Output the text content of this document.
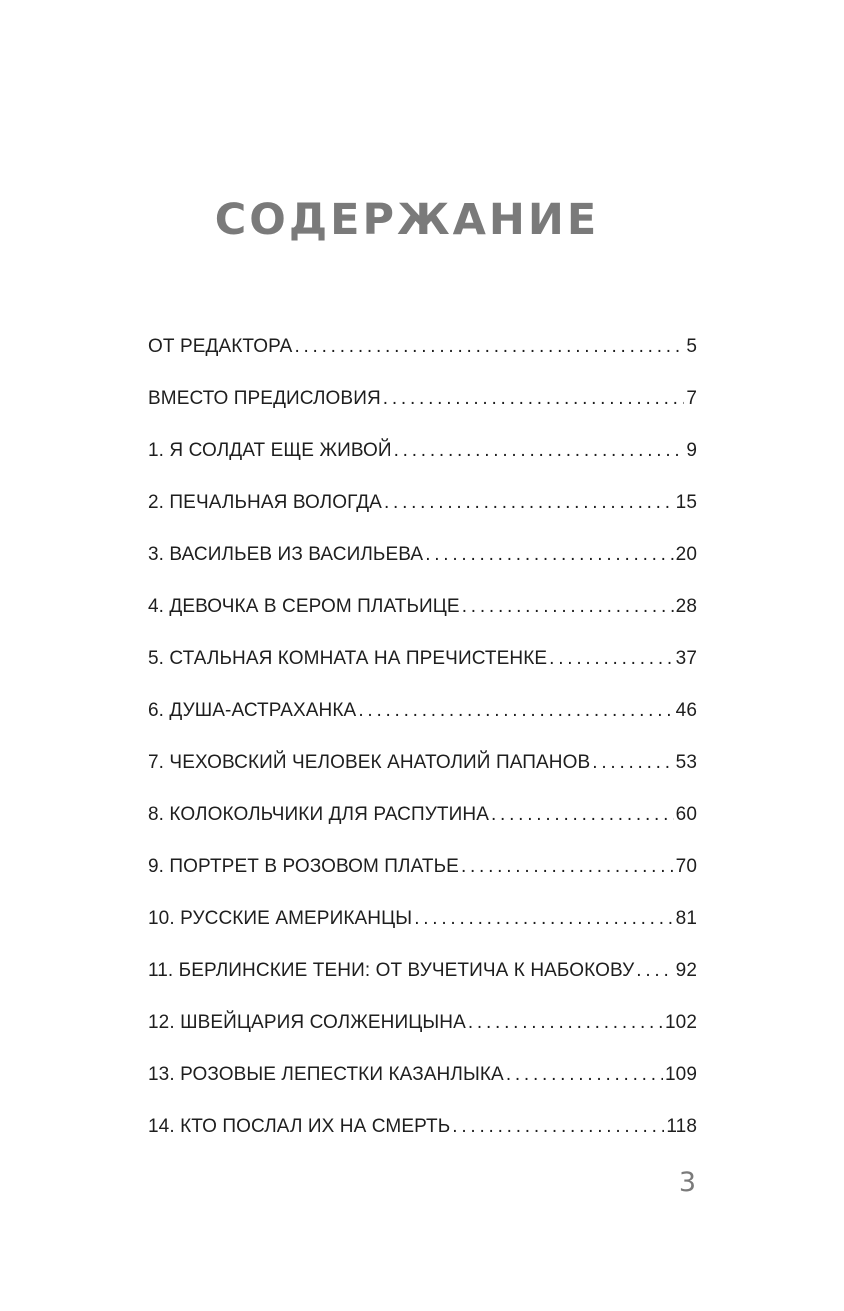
СОДЕРЖАНИЕ
ОТ РЕДАКТОРА . . .	5
ВМЕСТО ПРЕДИСЛОВИЯ . . .	7
1. Я СОЛДАТ ЕЩЕ ЖИВОЙ . . .	9
2. ПЕЧАЛЬНАЯ ВОЛОГДА . . .	15
3. ВАСИЛЬЕВ ИЗ ВАСИЛЬЕВА . . .	20
4. ДЕВОЧКА В СЕРОМ ПЛАТЬИЦЕ . . .	28
5. СТАЛЬНАЯ КОМНАТА НА ПРЕЧИСТЕНКЕ . . .	37
6. ДУША-АСТРАХАНКА . . .	46
7. ЧЕХОВСКИЙ ЧЕЛОВЕК АНАТОЛИЙ ПАПАНОВ . . .	53
8. КОЛОКОЛЬЧИКИ ДЛЯ РАСПУТИНА . . .	60
9. ПОРТРЕТ В РОЗОВОМ ПЛАТЬЕ . . .	70
10. РУССКИЕ АМЕРИКАНЦЫ . . .	81
11. БЕРЛИНСКИЕ ТЕНИ: ОТ ВУЧЕТИЧА К НАБОКОВУ . . . 92
12. ШВЕЙЦАРИЯ СОЛЖЕНИЦЫНА . . .	102
13. РОЗОВЫЕ ЛЕПЕСТКИ КАЗАНЛЫКА . . .	109
14. КТО ПОСЛАЛ ИХ НА СМЕРТЬ . . .	118
3
